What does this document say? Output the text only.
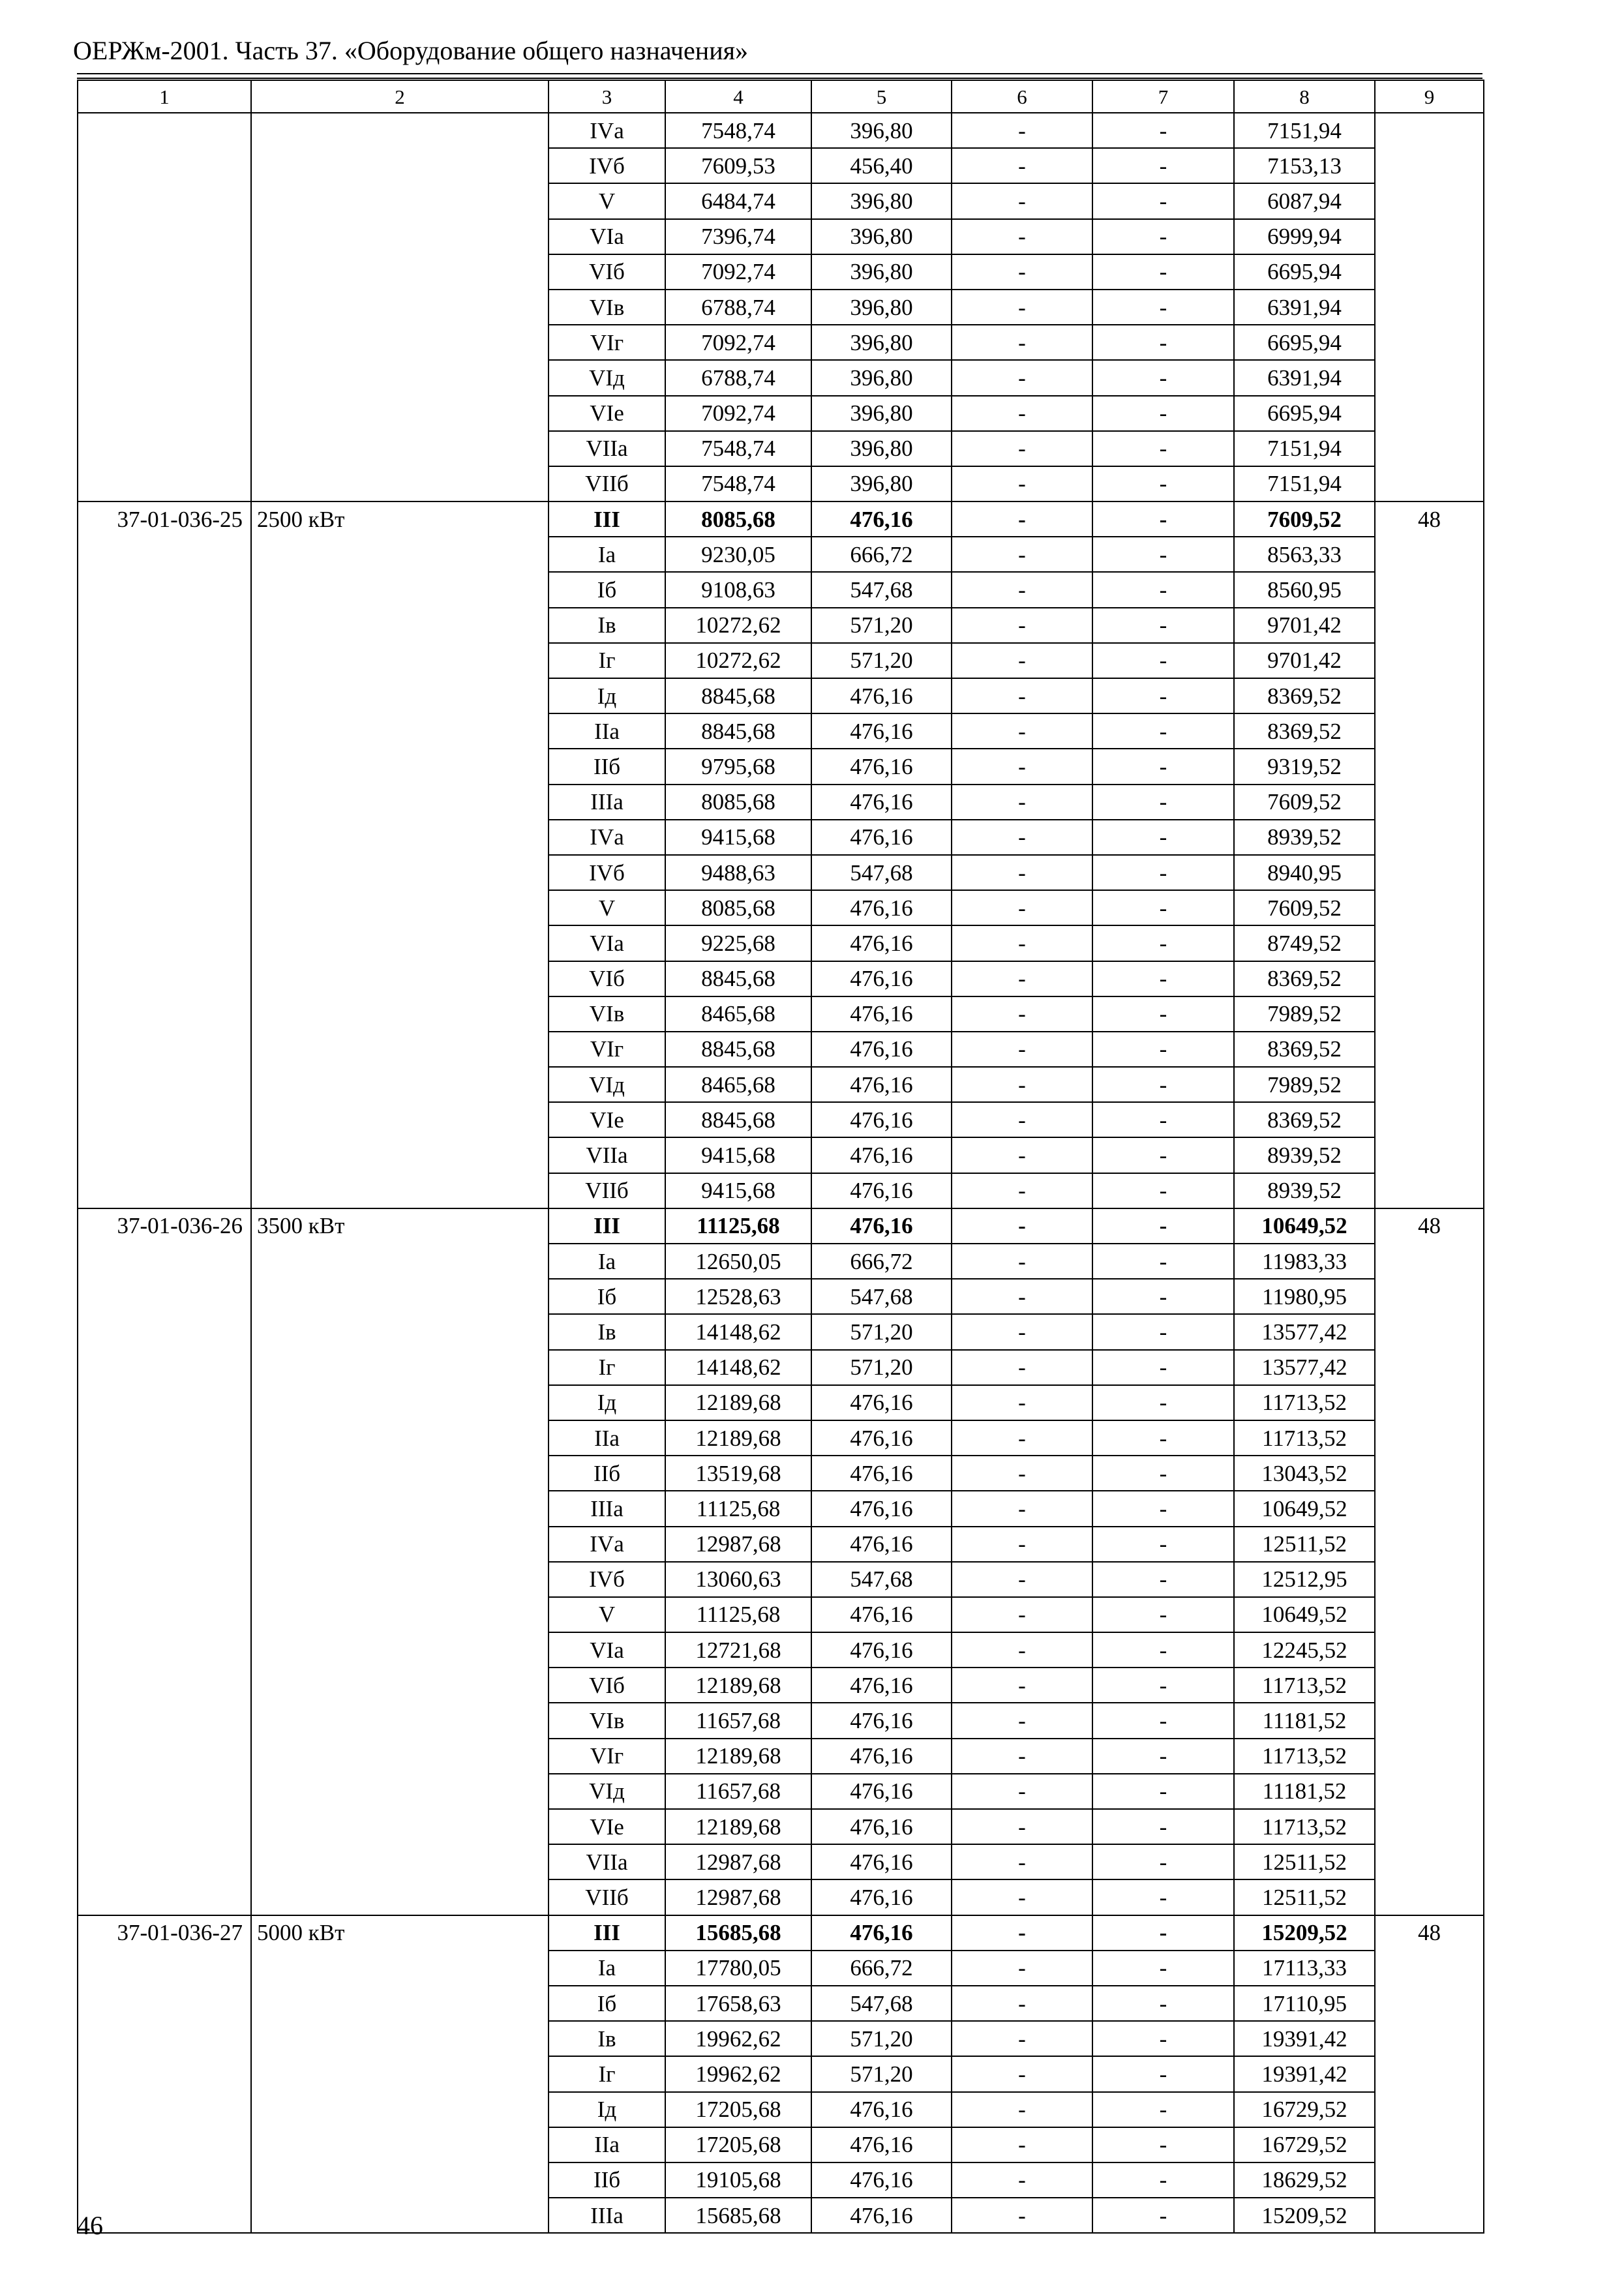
ОЕРЖм-2001. Часть 37. «Оборудование общего назначения»
1	2	3	4	5	6	7	8	9
		IVа	7548,74	396,80	-	-	7151,94	
		IVб	7609,53	456,40	-	-	7153,13	
		V	6484,74	396,80	-	-	6087,94	
		VIа	7396,74	396,80	-	-	6999,94	
		VIб	7092,74	396,80	-	-	6695,94	
		VIв	6788,74	396,80	-	-	6391,94	
		VIг	7092,74	396,80	-	-	6695,94	
		VIд	6788,74	396,80	-	-	6391,94	
		VIе	7092,74	396,80	-	-	6695,94	
		VIIа	7548,74	396,80	-	-	7151,94	
		VIIб	7548,74	396,80	-	-	7151,94	

37-01-036-25	2500 кВт	III	8085,68	476,16	-	-	7609,52	48

		Iа	9230,05	666,72	-	-	8563,33	
		Iб	9108,63	547,68	-	-	8560,95	
		Iв	10272,62	571,20	-	-	9701,42	
		Iг	10272,62	571,20	-	-	9701,42	
		Iд	8845,68	476,16	-	-	8369,52	
		IIа	8845,68	476,16	-	-	8369,52	
		IIб	9795,68	476,16	-	-	9319,52	
		IIIа	8085,68	476,16	-	-	7609,52	
		IVа	9415,68	476,16	-	-	8939,52	
		IVб	9488,63	547,68	-	-	8940,95	
		V	8085,68	476,16	-	-	7609,52	
		VIа	9225,68	476,16	-	-	8749,52	
		VIб	8845,68	476,16	-	-	8369,52	
		VIв	8465,68	476,16	-	-	7989,52	
		VIг	8845,68	476,16	-	-	8369,52	
		VIд	8465,68	476,16	-	-	7989,52	
		VIе	8845,68	476,16	-	-	8369,52	
		VIIа	9415,68	476,16	-	-	8939,52	
		VIIб	9415,68	476,16	-	-	8939,52	

37-01-036-26	3500 кВт	III	11125,68	476,16	-	-	10649,52	48

		Iа	12650,05	666,72	-	-	11983,33	
		Iб	12528,63	547,68	-	-	11980,95	
		Iв	14148,62	571,20	-	-	13577,42	
		Iг	14148,62	571,20	-	-	13577,42	
		Iд	12189,68	476,16	-	-	11713,52	
		IIа	12189,68	476,16	-	-	11713,52	
		IIб	13519,68	476,16	-	-	13043,52	
		IIIа	11125,68	476,16	-	-	10649,52	
		IVа	12987,68	476,16	-	-	12511,52	
		IVб	13060,63	547,68	-	-	12512,95	
		V	11125,68	476,16	-	-	10649,52	
		VIа	12721,68	476,16	-	-	12245,52	
		VIб	12189,68	476,16	-	-	11713,52	
		VIв	11657,68	476,16	-	-	11181,52	
		VIг	12189,68	476,16	-	-	11713,52	
		VIд	11657,68	476,16	-	-	11181,52	
		VIе	12189,68	476,16	-	-	11713,52	
		VIIа	12987,68	476,16	-	-	12511,52	
		VIIб	12987,68	476,16	-	-	12511,52	

37-01-036-27	5000 кВт	III	15685,68	476,16	-	-	15209,52	48

		Iа	17780,05	666,72	-	-	17113,33	
		Iб	17658,63	547,68	-	-	17110,95	
		Iв	19962,62	571,20	-	-	19391,42	
		Iг	19962,62	571,20	-	-	19391,42	
		Iд	17205,68	476,16	-	-	16729,52	
		IIа	17205,68	476,16	-	-	16729,52	
		IIб	19105,68	476,16	-	-	18629,52	
		IIIа	15685,68	476,16	-	-	15209,52	
46
